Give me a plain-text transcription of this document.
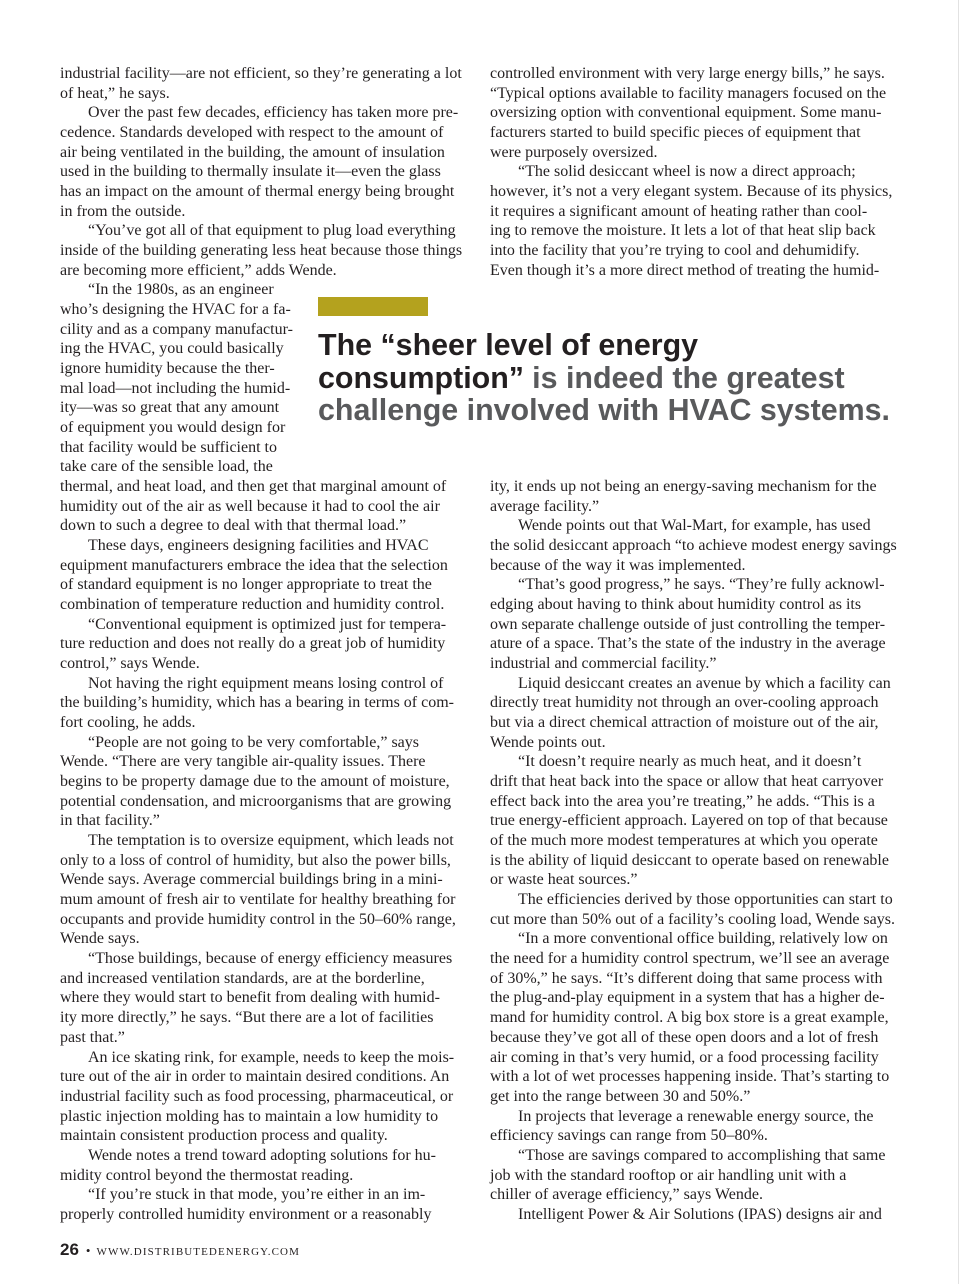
industrial facility—are not efficient, so they’re generating a lot
of heat,” he says.
Over the past few decades, efficiency has taken more pre-
cedence. Standards developed with respect to the amount of
air being ventilated in the building, the amount of insulation
used in the building to thermally insulate it—even the glass
has an impact on the amount of thermal energy being brought
in from the outside.
“You’ve got all of that equipment to plug load everything
inside of the building generating less heat because those things
are becoming more efficient,” adds Wende.
“In the 1980s, as an engineer
who’s designing the HVAC for a fa-
cility and as a company manufactur-
ing the HVAC, you could basically
ignore humidity because the ther-
mal load—not including the humid-
ity—was so great that any amount
of equipment you would design for
that facility would be sufficient to
take care of the sensible load, the
thermal, and heat load, and then get that marginal amount of
humidity out of the air as well because it had to cool the air
down to such a degree to deal with that thermal load.”
These days, engineers designing facilities and HVAC
equipment manufacturers embrace the idea that the selection
of standard equipment is no longer appropriate to treat the
combination of temperature reduction and humidity control.
“Conventional equipment is optimized just for tempera-
ture reduction and does not really do a great job of humidity
control,” says Wende.
Not having the right equipment means losing control of
the building’s humidity, which has a bearing in terms of com-
fort cooling, he adds.
“People are not going to be very comfortable,” says
Wende. “There are very tangible air-quality issues. There
begins to be property damage due to the amount of moisture,
potential condensation, and microorganisms that are growing
in that facility.”
The temptation is to oversize equipment, which leads not
only to a loss of control of humidity, but also the power bills,
Wende says. Average commercial buildings bring in a mini-
mum amount of fresh air to ventilate for healthy breathing for
occupants and provide humidity control in the 50–60% range,
Wende says.
“Those buildings, because of energy efficiency measures
and increased ventilation standards, are at the borderline,
where they would start to benefit from dealing with humid-
ity more directly,” he says. “But there are a lot of facilities
past that.”
An ice skating rink, for example, needs to keep the mois-
ture out of the air in order to maintain desired conditions. An
industrial facility such as food processing, pharmaceutical, or
plastic injection molding has to maintain a low humidity to
maintain consistent production process and quality.
Wende notes a trend toward adopting solutions for hu-
midity control beyond the thermostat reading.
“If you’re stuck in that mode, you’re either in an im-
properly controlled humidity environment or a reasonably
controlled environment with very large energy bills,” he says.
“Typical options available to facility managers focused on the
oversizing option with conventional equipment. Some manu-
facturers started to build specific pieces of equipment that
were purposely oversized.
“The solid desiccant wheel is now a direct approach;
however, it’s not a very elegant system. Because of its physics,
it requires a significant amount of heating rather than cool-
ing to remove the moisture. It lets a lot of that heat slip back
into the facility that you’re trying to cool and dehumidify.
Even though it’s a more direct method of treating the humid-
ity, it ends up not being an energy-saving mechanism for the
average facility.”
Wende points out that Wal-Mart, for example, has used
the solid desiccant approach “to achieve modest energy savings
because of the way it was implemented.
“That’s good progress,” he says. “They’re fully acknowl-
edging about having to think about humidity control as its
own separate challenge outside of just controlling the temper-
ature of a space. That’s the state of the industry in the average
industrial and commercial facility.”
Liquid desiccant creates an avenue by which a facility can
directly treat humidity not through an over-cooling approach
but via a direct chemical attraction of moisture out of the air,
Wende points out.
“It doesn’t require nearly as much heat, and it doesn’t
drift that heat back into the space or allow that heat carryover
effect back into the area you’re treating,” he adds. “This is a
true energy-efficient approach. Layered on top of that because
of the much more modest temperatures at which you operate
is the ability of liquid desiccant to operate based on renewable
or waste heat sources.”
The efficiencies derived by those opportunities can start to
cut more than 50% out of a facility’s cooling load, Wende says.
“In a more conventional office building, relatively low on
the need for a humidity control spectrum, we’ll see an average
of 30%,” he says. “It’s different doing that same process with
the plug-and-play equipment in a system that has a higher de-
mand for humidity control. A big box store is a great example,
because they’ve got all of these open doors and a lot of fresh
air coming in that’s very humid, or a food processing facility
with a lot of wet processes happening inside. That’s starting to
get into the range between 30 and 50%.”
In projects that leverage a renewable energy source, the
efficiency savings can range from 50–80%.
“Those are savings compared to accomplishing that same
job with the standard rooftop or air handling unit with a
chiller of average efficiency,” says Wende.
Intelligent Power & Air Solutions (IPAS) designs air and
The “sheer level of energy
consumption” is indeed the greatest
challenge involved with HVAC systems.
26 • WWW.DISTRIBUTEDENERGY.COM
